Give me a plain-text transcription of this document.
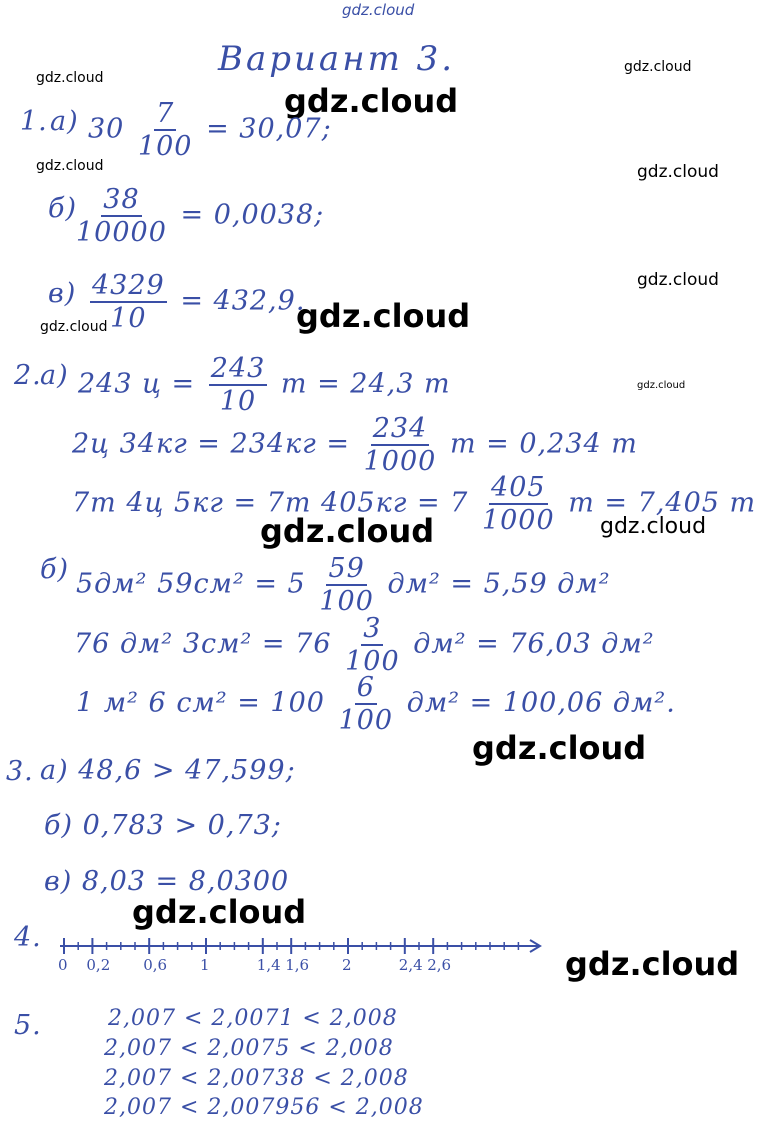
gdz.cloud
gdz.cloud
gdz.cloud
gdz.cloud
gdz.cloud	gdz.cloud
gdz.cloud
gdz.cloud
gdz.cloud
gdz.cloud
gdz.cloud	gdz.cloud
gdz.cloud
gdz.cloud
gdz.cloud
Вариант 3.
1. а) $30 \frac{7}{100} = 30,07$;
б)
$\frac{38}{10000} = 0,0038$;
$в) \frac{4329}{10} = 432,9$.
2.
а) 243 $ц = \frac{243}{10}$ т = 24,3 т
2ц $34кг = 234кг = \frac{234}{1000}$ т = 0,234 т
7т 4ц 5кг = 7т $405кг = 7 \frac{405}{1000}$ т = 7,405 т
б) 5дм² $59см^2 = 5 \frac{59}{100} дм^2 = 5,59$ дм²
76 дм² $3см^2 = 76 \frac{3}{100} дм^2 = 76,03$ дм²
1 м² 6 $см^2 = 100 \frac{6}{100} дм^2 = 100,06$ дм².
3. а) 48,6 > 47,599;
б) 0,783 > 0,73;
в) 8,03 = 8,0300
4.
0 0,2 0,6 1	1,4 1,6 2	2,4 2,6
5.	2,007 < 2,0071 < 2,008
2,007 < 2,0075 < 2,008
2,007 < 2,00738 < 2,008
2,007 < 2,007956 < 2,008
